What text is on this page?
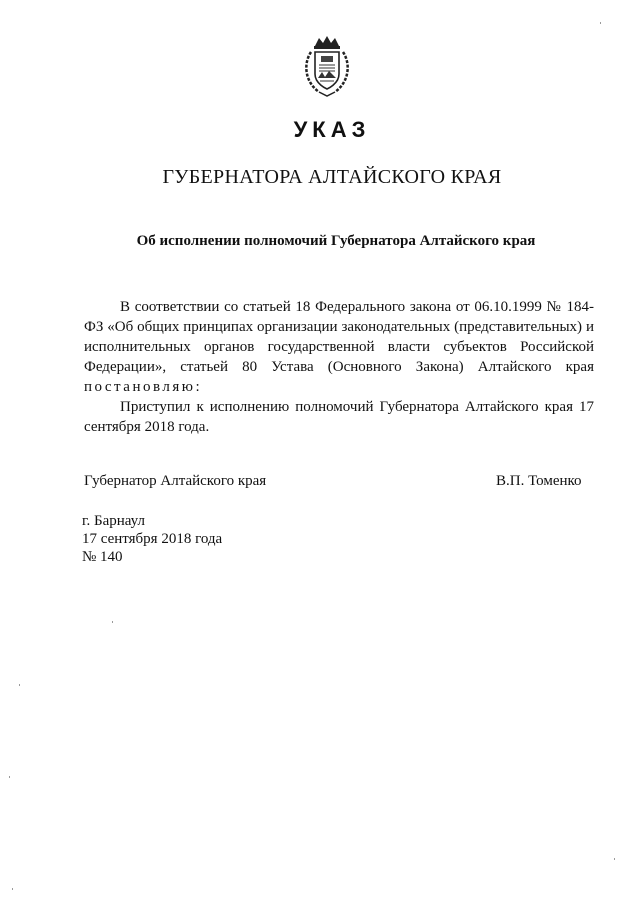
УКАЗ
ГУБЕРНАТОРА АЛТАЙСКОГО КРАЯ
Об исполнении полномочий Губернатора Алтайского края

В соответствии со статьей 18 Федерального закона от 06.10.1999 № 184-ФЗ «Об общих принципах организации законодательных (представительных) и исполнительных органов государственной власти субъектов Российской Федерации», статьей 80 Устава (Основного Закона) Алтайского края постановляю:

Приступил к исполнению полномочий Губернатора Алтайского края 17 сентября 2018 года.

Губернатор Алтайского края	В.П. Томенко
г. Барнаул
17 сентября 2018 года
№ 140
